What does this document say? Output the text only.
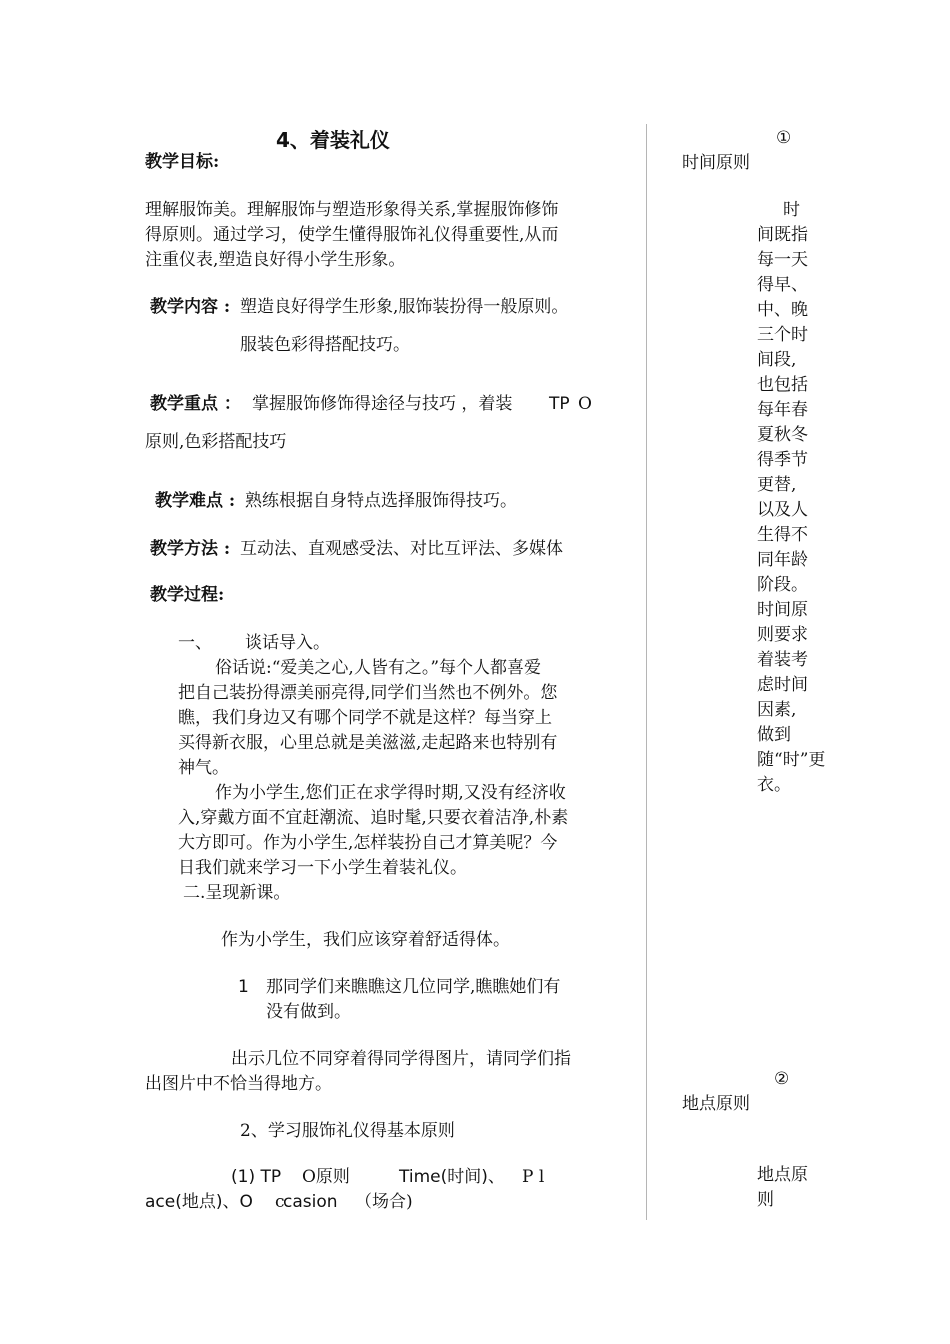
4、着装礼仪
教学目标:
理解服饰美。理解服饰与塑造形象得关系,掌握服饰修饰
得原则。通过学习，使学生懂得服饰礼仪得重要性,从而
注重仪表,塑造良好得小学生形象。
教学内容 : 塑造良好得学生形象,服饰装扮得一般原则。
服装色彩得搭配技巧。
教学重点 ： 掌握服饰修饰得途径与技巧 ，着装 TP O
原则,色彩搭配技巧
教学难点 : 熟练根据自身特点选择服饰得技巧。
教学方法 : 互动法、直观感受法、对比互评法、多媒体
教学过程:
一、 谈话导入。
俗话说:“爱美之心,人皆有之。”每个人都喜爱
把自己装扮得漂美丽亮得,同学们当然也不例外。您
瞧，我们身边又有哪个同学不就是这样？每当穿上
买得新衣服，心里总就是美滋滋,走起路来也特别有
神气。
作为小学生,您们正在求学得时期,又没有经济收
入,穿戴方面不宜赶潮流、追时髦,只要衣着洁净,朴素
大方即可。作为小学生,怎样装扮自己才算美呢？今
日我们就来学习一下小学生着装礼仪。
二.呈现新课。
作为小学生，我们应该穿着舒适得体。
1 那同学们来瞧瞧这几位同学,瞧瞧她们有
没有做到。
出示几位不同穿着得同学得图片，请同学们指
出图片中不恰当得地方。
2、学习服饰礼仪得基本原则
(1) TP O原则	Time(时间)、 P l
ace(地点)、O c
casion （场合)
①
时间原则
时间既指每一天得早、中、晚三个时间段,也包括每年春夏秋冬得季节更替,以及人生得不同年龄阶段。时间原则要求着装考虑时间因素,做到随“时”更衣。
②
地点原则
地点原则
